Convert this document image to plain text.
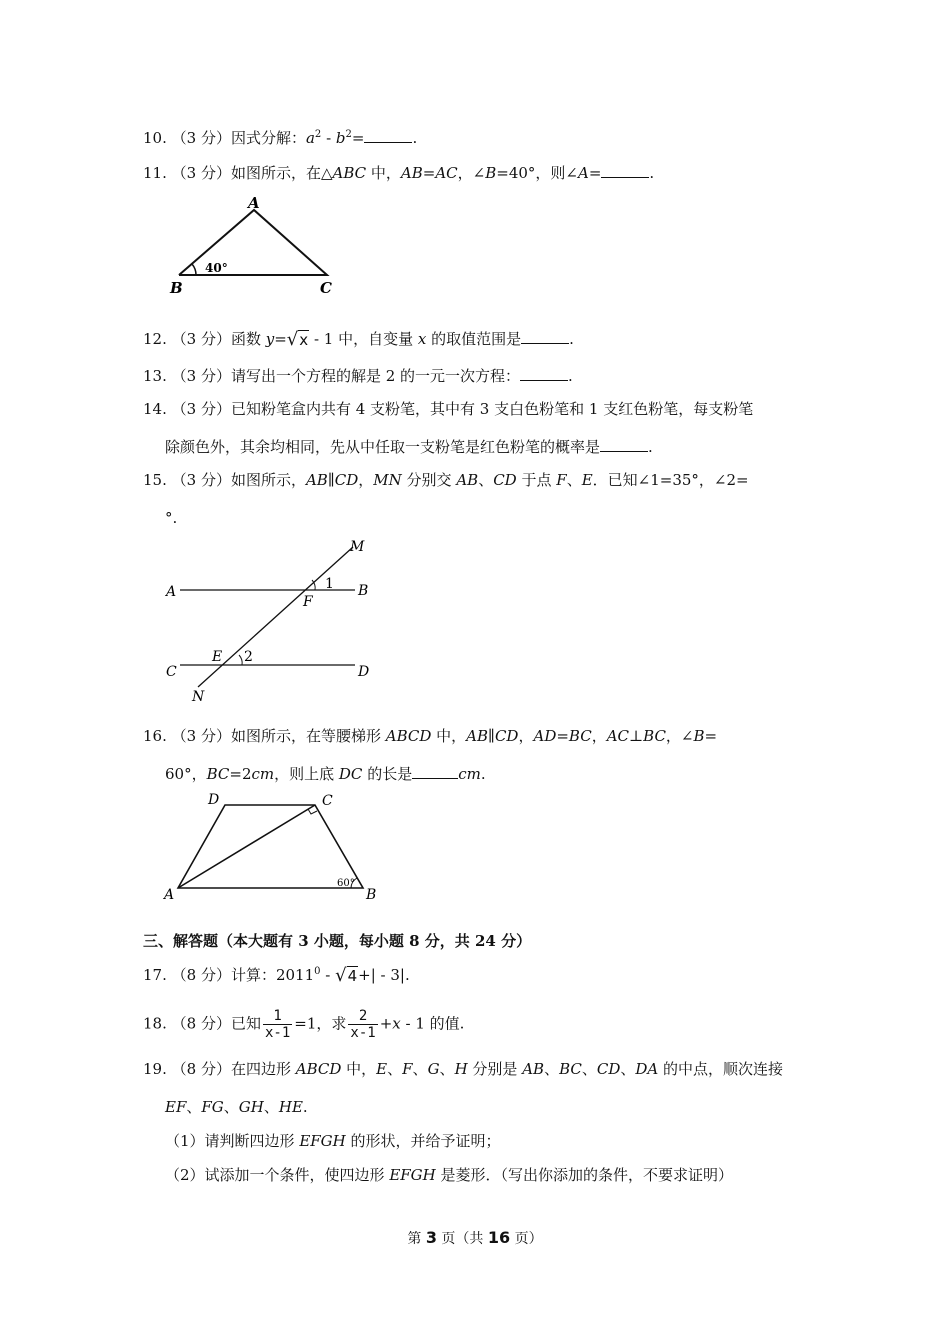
10. （3 分）因式分解：$a^2 - b^2=$	.
11. （3 分）如图所示，在△ABC 中，AB=AC，∠B=40°，则∠A=	.
A
B	C
40°
12. （3 分）函数 y=√x - 1 中，自变量 x 的取值范围是	.
13. （3 分）请写出一个方程的解是 2 的一元一次方程：	.
14. （3 分）已知粉笔盒内共有 4 支粉笔，其中有 3 支白色粉笔和 1 支红色粉笔，每支粉笔
除颜色外，其余均相同，先从中任取一支粉笔是红色粉笔的概率是	.
15. （3 分）如图所示，AB∥CD，MN 分别交 AB、CD 于点 F、E．已知∠1=35°，∠2=
°.
M
A	B
1
F
E 2
C	D
N
16. （3 分）如图所示，在等腰梯形 ABCD 中，AB∥CD，AD=BC，AC⊥BC，∠B=
60°，BC=2cm，则上底 DC 的长是	cm.
D	C
A	B
60°
三、解答题（本大题有 3 小题，每小题 8 分，共 24 分）
17. （8 分）计算：2011$^0$ - √4+| - 3|.
18. （8 分）已知 $\frac{1}{x-1} =1$，求 $\frac{2}{x-1} +x - 1$ 的值.
19. （8 分）在四边形 ABCD 中，E、F、G、H 分别是 AB、BC、CD、DA 的中点，顺次连接
EF、FG、GH、HE.
（1）请判断四边形 EFGH 的形状，并给予证明；
（2）试添加一个条件，使四边形 EFGH 是菱形．（写出你添加的条件，不要求证明）
第 3 页（共 16 页）
